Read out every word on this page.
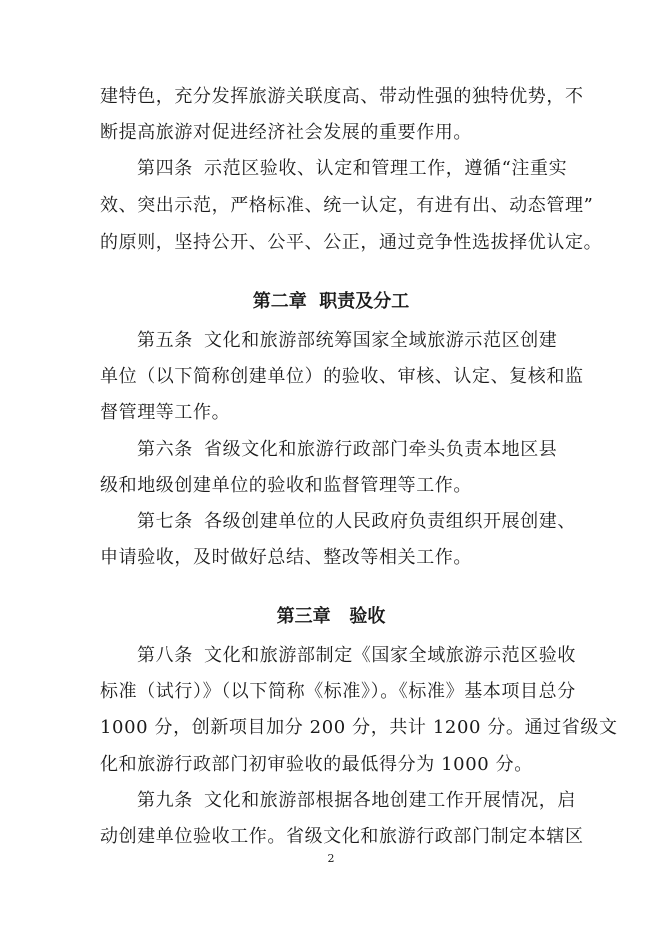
建特色，充分发挥旅游关联度高、带动性强的独特优势，不
断提高旅游对促进经济社会发展的重要作用。
第四条 示范区验收、认定和管理工作，遵循“注重实
效、突出示范，严格标准、统一认定，有进有出、动态管理”
的原则，坚持公开、公平、公正，通过竞争性选拔择优认定。
第二章  职责及分工
第五条 文化和旅游部统筹国家全域旅游示范区创建
单位（以下简称创建单位）的验收、审核、认定、复核和监
督管理等工作。
第六条 省级文化和旅游行政部门牵头负责本地区县
级和地级创建单位的验收和监督管理等工作。
第七条 各级创建单位的人民政府负责组织开展创建、
申请验收，及时做好总结、整改等相关工作。
第三章   验收
第八条 文化和旅游部制定《国家全域旅游示范区验收
标准（试行）》（以下简称《标准》）。《标准》基本项目总分
1000 分，创新项目加分 200 分，共计 1200 分。通过省级文
化和旅游行政部门初审验收的最低得分为 1000 分。
第九条 文化和旅游部根据各地创建工作开展情况，启
动创建单位验收工作。省级文化和旅游行政部门制定本辖区
2
